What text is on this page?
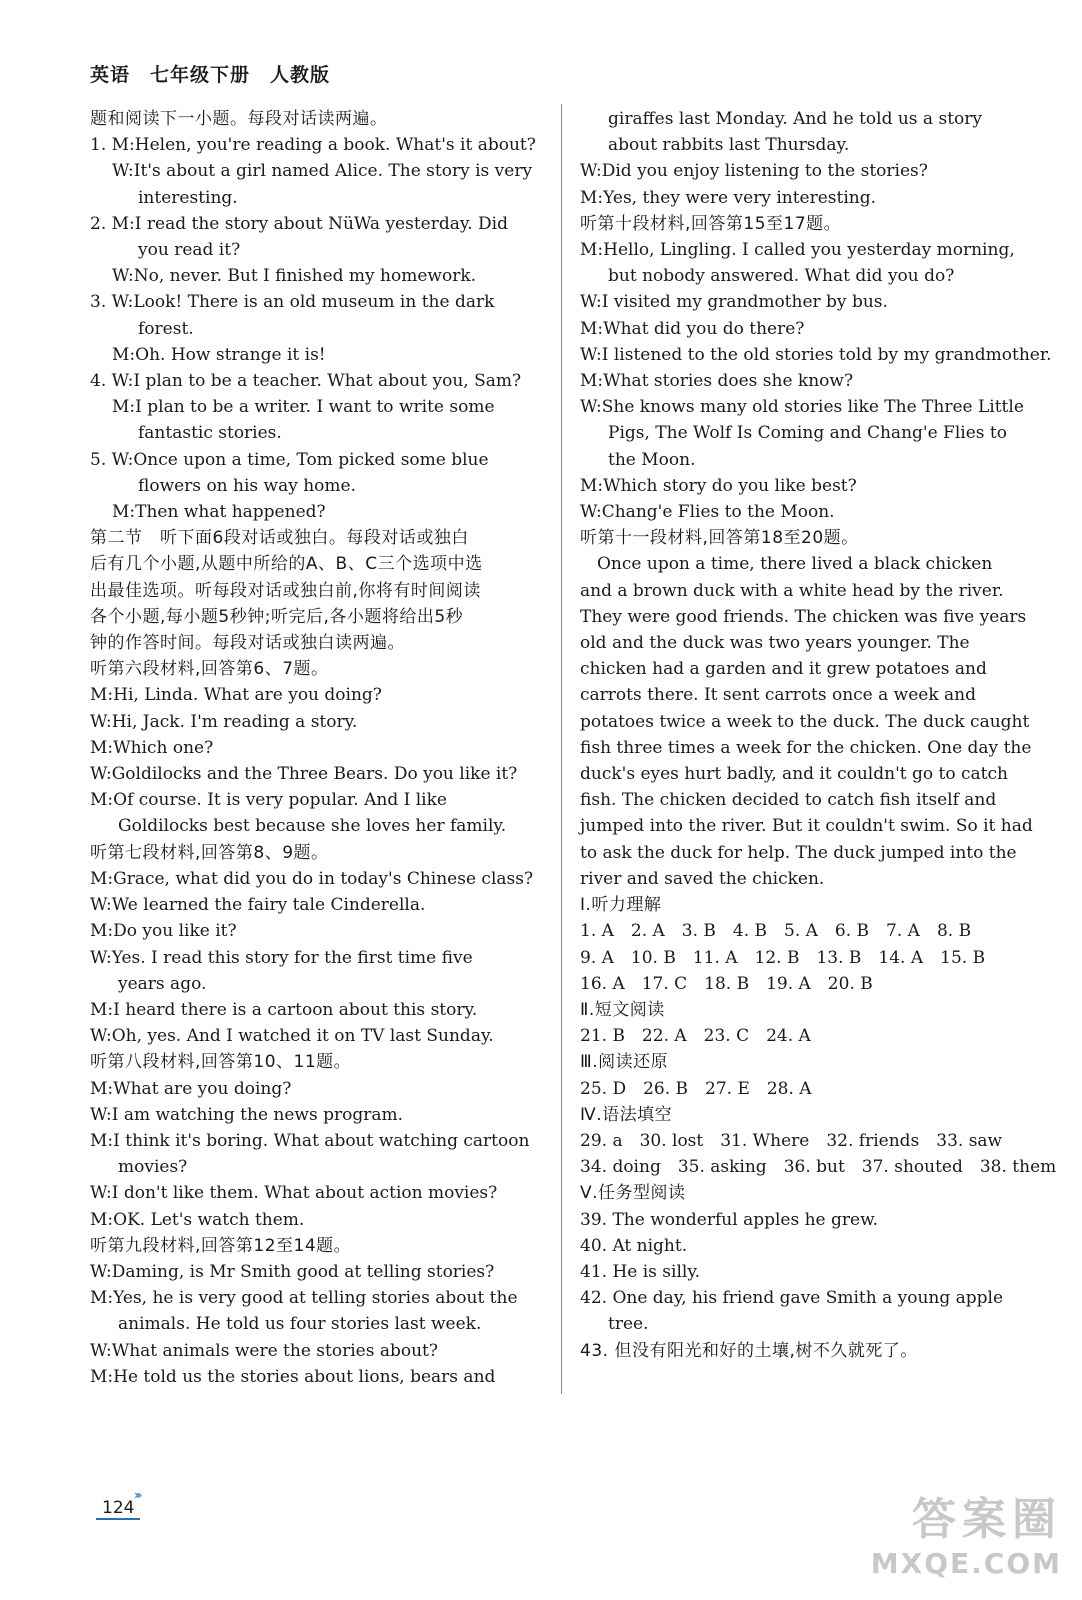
英语　七年级下册　人教版
题和阅读下一小题。每段对话读两遍。
1. M:Helen, you're reading a book. What's it about?
W:It's about a girl named Alice. The story is very
interesting.
2. M:I read the story about NüWa yesterday. Did
you read it?
W:No, never. But I finished my homework.
3. W:Look! There is an old museum in the dark
forest.
M:Oh. How strange it is!
4. W:I plan to be a teacher. What about you, Sam?
M:I plan to be a writer. I want to write some
fantastic stories.
5. W:Once upon a time, Tom picked some blue
flowers on his way home.
M:Then what happened?
第二节　听下面6段对话或独白。每段对话或独白
后有几个小题,从题中所给的A、B、C三个选项中选
出最佳选项。听每段对话或独白前,你将有时间阅读
各个小题,每小题5秒钟;听完后,各小题将给出5秒
钟的作答时间。每段对话或独白读两遍。
听第六段材料,回答第6、7题。
M:Hi, Linda. What are you doing?
W:Hi, Jack. I'm reading a story.
M:Which one?
W:Goldilocks and the Three Bears. Do you like it?
M:Of course. It is very popular. And I like
Goldilocks best because she loves her family.
听第七段材料,回答第8、9题。
M:Grace, what did you do in today's Chinese class?
W:We learned the fairy tale Cinderella.
M:Do you like it?
W:Yes. I read this story for the first time five
years ago.
M:I heard there is a cartoon about this story.
W:Oh, yes. And I watched it on TV last Sunday.
听第八段材料,回答第10、11题。
M:What are you doing?
W:I am watching the news program.
M:I think it's boring. What about watching cartoon
movies?
W:I don't like them. What about action movies?
M:OK. Let's watch them.
听第九段材料,回答第12至14题。
W:Daming, is Mr Smith good at telling stories?
M:Yes, he is very good at telling stories about the
animals. He told us four stories last week.
W:What animals were the stories about?
M:He told us the stories about lions, bears and
giraffes last Monday. And he told us a story
about rabbits last Thursday.
W:Did you enjoy listening to the stories?
M:Yes, they were very interesting.
听第十段材料,回答第15至17题。
M:Hello, Lingling. I called you yesterday morning,
but nobody answered. What did you do?
W:I visited my grandmother by bus.
M:What did you do there?
W:I listened to the old stories told by my grandmother.
M:What stories does she know?
W:She knows many old stories like The Three Little
Pigs, The Wolf Is Coming and Chang'e Flies to
the Moon.
M:Which story do you like best?
W:Chang'e Flies to the Moon.
听第十一段材料,回答第18至20题。
　Once upon a time, there lived a black chicken
and a brown duck with a white head by the river.
They were good friends. The chicken was five years
old and the duck was two years younger. The
chicken had a garden and it grew potatoes and
carrots there. It sent carrots once a week and
potatoes twice a week to the duck. The duck caught
fish three times a week for the chicken. One day the
duck's eyes hurt badly, and it couldn't go to catch
fish. The chicken decided to catch fish itself and
jumped into the river. But it couldn't swim. So it had
to ask the duck for help. The duck jumped into the
river and saved the chicken.
Ⅰ.听力理解
1. A　2. A　3. B　4. B　5. A　6. B　7. A　8. B
9. A　10. B　11. A　12. B　13. B　14. A　15. B
16. A　17. C　18. B　19. A　20. B
Ⅱ.短文阅读
21. B　22. A　23. C　24. A
Ⅲ.阅读还原
25. D　26. B　27. E　28. A
Ⅳ.语法填空
29. a　30. lost　31. Where　32. friends　33. saw
34. doing　35. asking　36. but　37. shouted　38. them
Ⅴ.任务型阅读
39. The wonderful apples he grew.
40. At night.
41. He is silly.
42. One day, his friend gave Smith a young apple
tree.
43. 但没有阳光和好的土壤,树不久就死了。
›››
124	答案圈
MXQE.COM
